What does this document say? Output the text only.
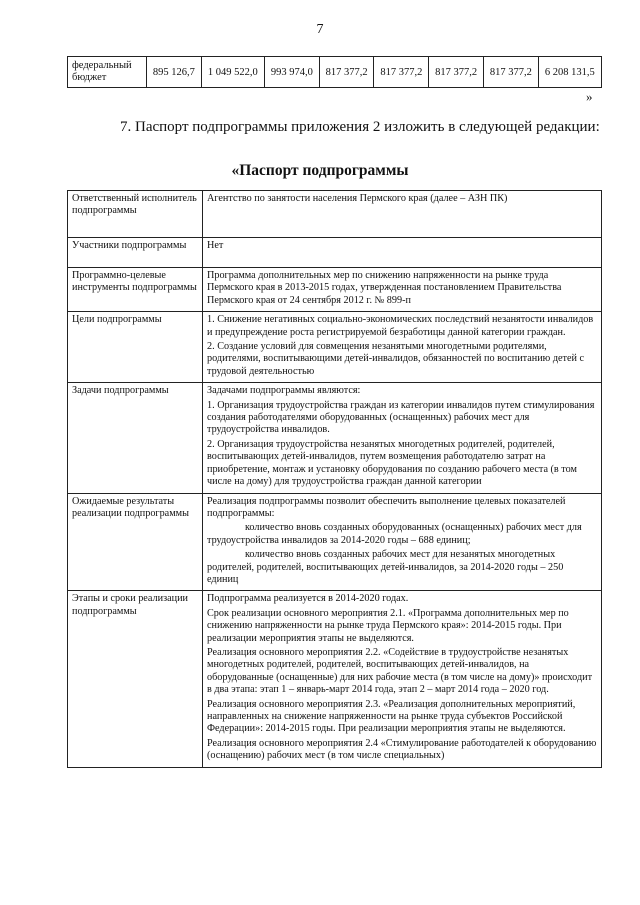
7
федеральный бюджет	895 126,7	1 049 522,0	993 974,0	817 377,2	817 377,2	817 377,2	817 377,2	6 208 131,5
»
7. Паспорт подпрограммы приложения 2 изложить в следующей редакции:
«Паспорт подпрограммы
Ответственный исполнитель подпрограммы	Агентство по занятости населения Пермского края (далее – АЗН ПК)

Участники подпрограммы	Нет

Программно-целевые инструменты подпрограммы	Программа дополнительных мер по снижению напряженности на рынке труда Пермского края в 2013-2015 годах, утвержденная постановлением Правительства Пермского края от 24 сентября 2012 г. № 899-п

Цели подпрограммы	1. Снижение негативных социально-экономических последствий незанятости инвалидов и предупреждение роста регистрируемой безработицы данной категории граждан.

2. Создание условий для совмещения незанятыми многодетными родителями, родителями, воспитывающими детей-инвалидов, обязанностей по воспитанию детей с трудовой деятельностью

Задачи подпрограммы	Задачами подпрограммы являются:

1. Организация трудоустройства граждан из категории инвалидов путем стимулирования создания работодателями оборудованных (оснащенных) рабочих мест для трудоустройства инвалидов.

2. Организация трудоустройства незанятых многодетных родителей, родителей, воспитывающих детей-инвалидов, путем возмещения работодателю затрат на приобретение, монтаж и установку оборудования по созданию рабочего места (в том числе на дому) для трудоустройства граждан данной категории

Ожидаемые результаты реализации подпрограммы	Реализация подпрограммы позволит обеспечить выполнение целевых показателей подпрограммы:

количество вновь созданных оборудованных (оснащенных) рабочих мест для трудоустройства инвалидов за 2014-2020 годы – 688 единиц;

количество вновь созданных рабочих мест для незанятых многодетных родителей, родителей, воспитывающих детей-инвалидов, за 2014-2020 годы – 250 единиц

Этапы и сроки реализации подпрограммы	Подпрограмма реализуется в 2014-2020 годах.

Срок реализации основного мероприятия 2.1. «Программа дополнительных мер по снижению напряженности на рынке труда Пермского края»: 2014-2015 годы. При реализации мероприятия этапы не выделяются.

Реализация основного мероприятия 2.2. «Содействие в трудоустройстве незанятых многодетных родителей, родителей, воспитывающих детей-инвалидов, на оборудованные (оснащенные) для них рабочие места (в том числе на дому)» происходит в два этапа: этап 1 – январь-март 2014 года, этап 2 – март 2014 года – 2020 год.

Реализация основного мероприятия 2.3. «Реализация дополнительных мероприятий, направленных на снижение напряженности на рынке труда субъектов Российской Федерации»: 2014-2015 годы. При реализации мероприятия этапы не выделяются.

Реализация основного мероприятия 2.4 «Стимулирование работодателей к оборудованию (оснащению) рабочих мест (в том числе специальных)
